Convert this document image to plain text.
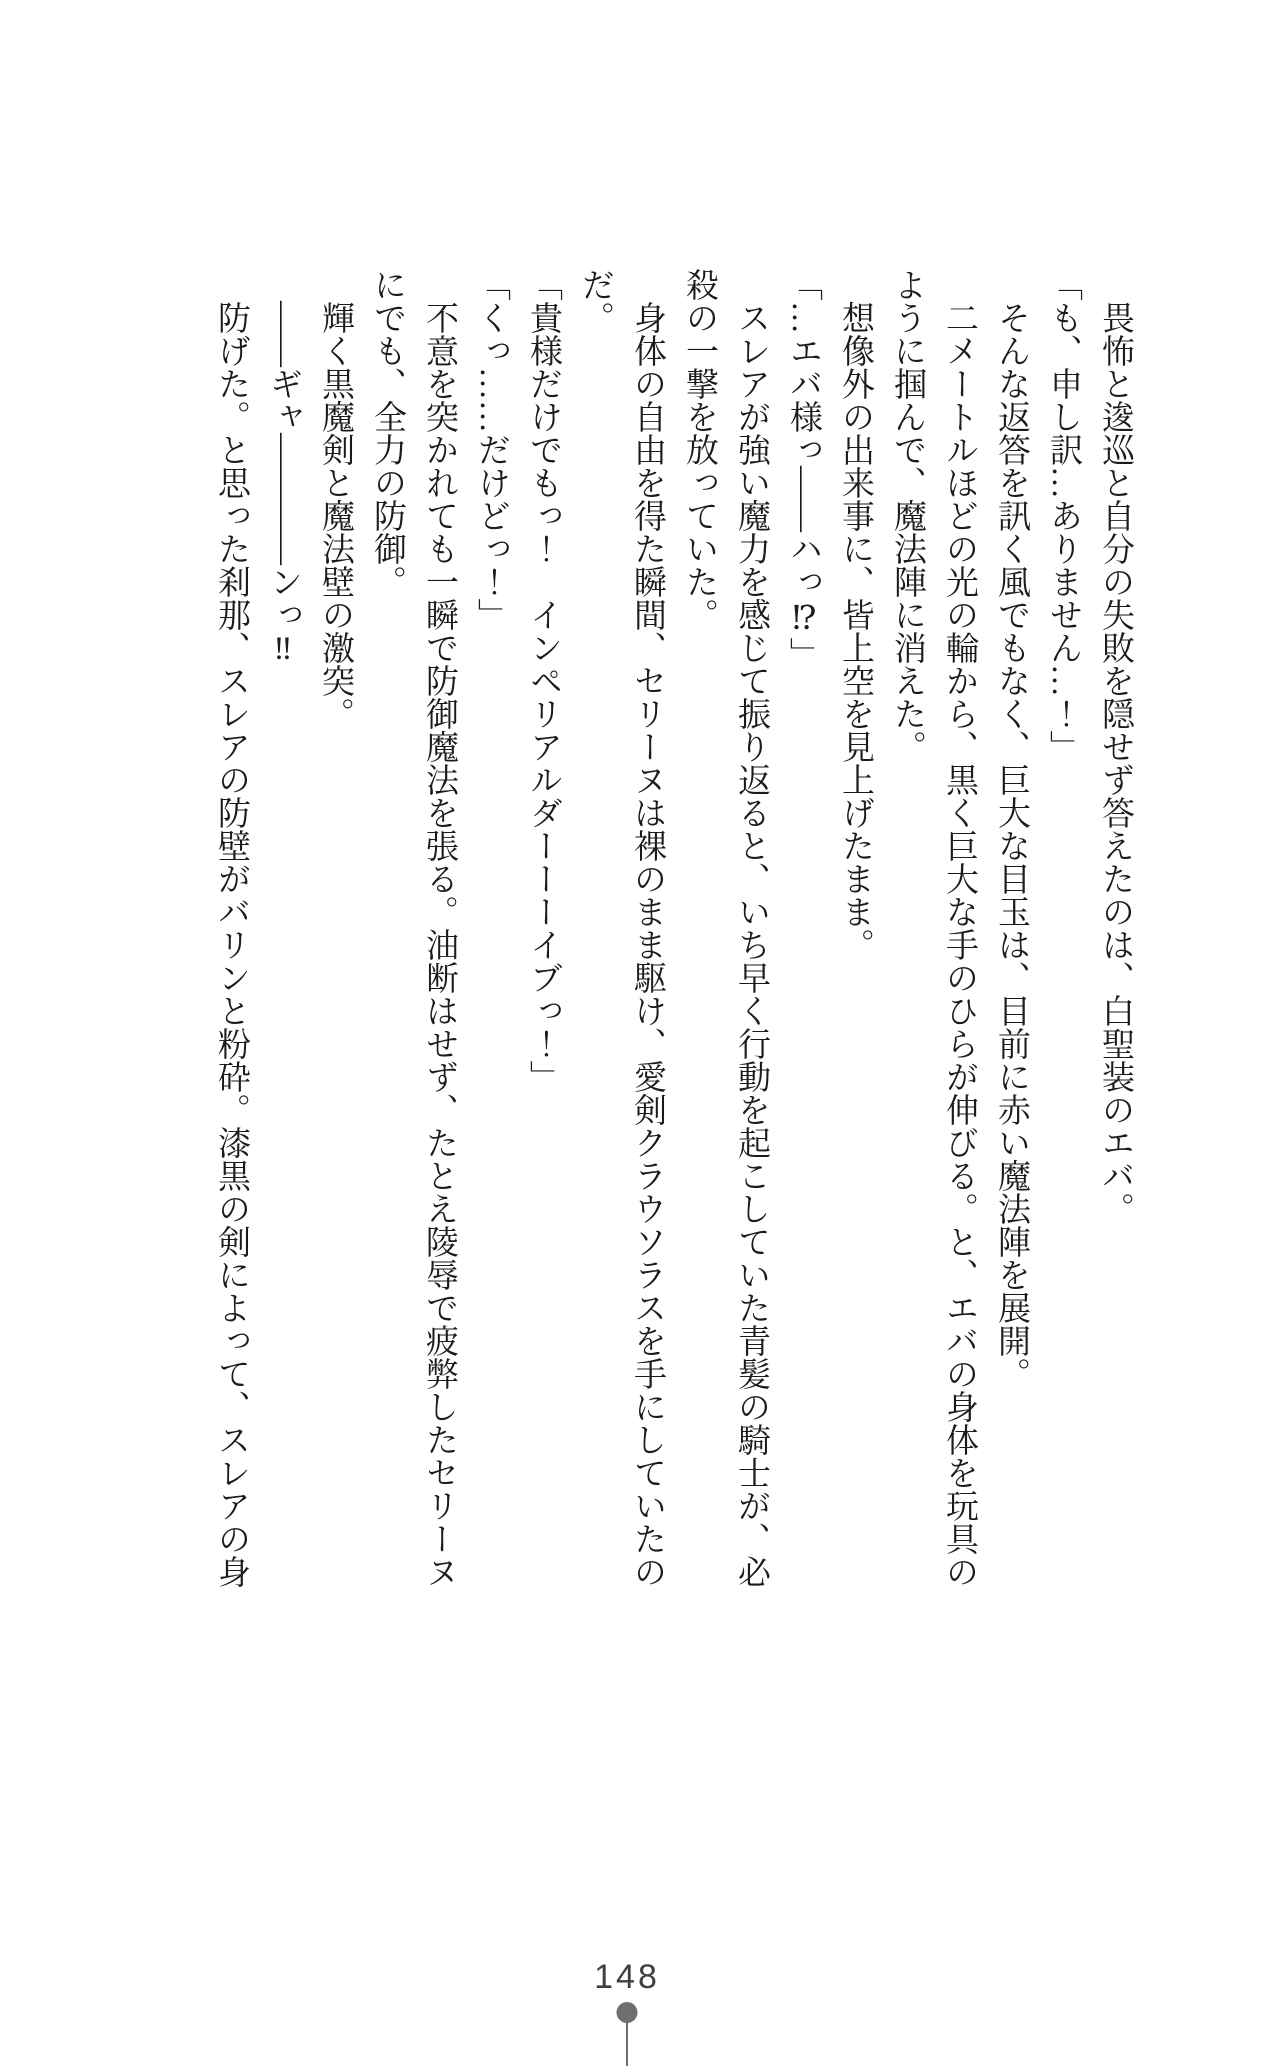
　畏怖と逡巡と自分の失敗を隠せず答えたのは、白聖装のエバ。
「も、申し訳…ありません…！」
　そんな返答を訊く風でもなく、巨大な目玉は、目前に赤い魔法陣を展開。
　二メートルほどの光の輪から、黒く巨大な手のひらが伸びる。と、エバの身体を玩具の
ように掴んで、魔法陣に消えた。
　想像外の出来事に、皆上空を見上げたまま。
「…エバ様っ——ハっ⁉」
　スレアが強い魔力を感じて振り返ると、いち早く行動を起こしていた青髪の騎士が、必
殺の一撃を放っていた。
　身体の自由を得た瞬間、セリーヌは裸のまま駆け、愛剣クラウソラスを手にしていたの
だ。
「貴様だけでもっ！　インペリアルダーーーイブっ！」
「くっ……だけどっ！」
　不意を突かれても一瞬で防御魔法を張る。油断はせず、たとえ陵辱で疲弊したセリーヌ
にでも、全力の防御。
　輝く黒魔剣と魔法壁の激突。
　——ギャ————ンっ‼
　防げた。と思った刹那、スレアの防壁がバリンと粉砕。漆黒の剣によって、スレアの身
148
